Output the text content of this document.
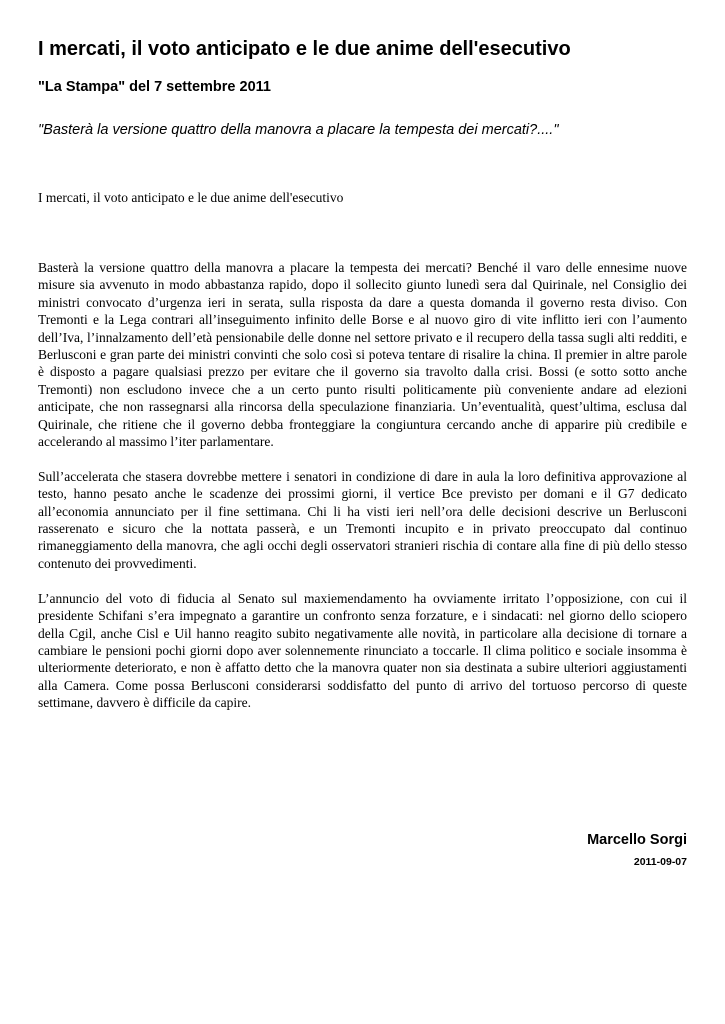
I mercati, il voto anticipato e le due anime dell'esecutivo
"La Stampa" del 7 settembre 2011
"Basterà la versione quattro della manovra a placare la tempesta dei mercati?...."
I mercati, il voto anticipato e le due anime dell'esecutivo

Basterà la versione quattro della manovra a placare la tempesta dei mercati? Benché il varo delle ennesime nuove misure sia avvenuto in modo abbastanza rapido, dopo il sollecito giunto lunedì sera dal Quirinale, nel Consiglio dei ministri convocato d’urgenza ieri in serata, sulla risposta da dare a questa domanda il governo resta diviso. Con Tremonti e la Lega contrari all’inseguimento infinito delle Borse e al nuovo giro di vite inflitto ieri con l’aumento dell’Iva, l’innalzamento dell’età pensionabile delle donne nel settore privato e il recupero della tassa sugli alti redditi, e Berlusconi e gran parte dei ministri convinti che solo così si poteva tentare di risalire la china. Il premier in altre parole è disposto a pagare qualsiasi prezzo per evitare che il governo sia travolto dalla crisi. Bossi (e sotto sotto anche Tremonti) non escludono invece che a un certo punto risulti politicamente più conveniente andare ad elezioni anticipate, che non rassegnarsi alla rincorsa della speculazione finanziaria. Un’eventualità, quest’ultima, esclusa dal Quirinale, che ritiene che il governo debba fronteggiare la congiuntura cercando anche di apparire più credibile e accelerando al massimo l’iter parlamentare.

Sull’accelerata che stasera dovrebbe mettere i senatori in condizione di dare in aula la loro definitiva approvazione al testo, hanno pesato anche le scadenze dei prossimi giorni, il vertice Bce previsto per domani e il G7 dedicato all’economia annunciato per il fine settimana. Chi li ha visti ieri nell’ora delle decisioni descrive un Berlusconi rasserenato e sicuro che la nottata passerà, e un Tremonti incupito e in privato preoccupato dal continuo rimaneggiamento della manovra, che agli occhi degli osservatori stranieri rischia di contare alla fine di più dello stesso contenuto dei provvedimenti.

L’annuncio del voto di fiducia al Senato sul maxiemendamento ha ovviamente irritato l’opposizione, con cui il presidente Schifani s’era impegnato a garantire un confronto senza forzature, e i sindacati: nel giorno dello sciopero della Cgil, anche Cisl e Uil hanno reagito subito negativamente alle novità, in particolare alla decisione di tornare a cambiare le pensioni pochi giorni dopo aver solennemente rinunciato a toccarle. Il clima politico e sociale insomma è ulteriormente deteriorato, e non è affatto detto che la manovra quater non sia destinata a subire ulteriori aggiustamenti alla Camera. Come possa Berlusconi considerarsi soddisfatto del punto di arrivo del tortuoso percorso di queste settimane, davvero è difficile da capire.

Marcello Sorgi
2011-09-07
